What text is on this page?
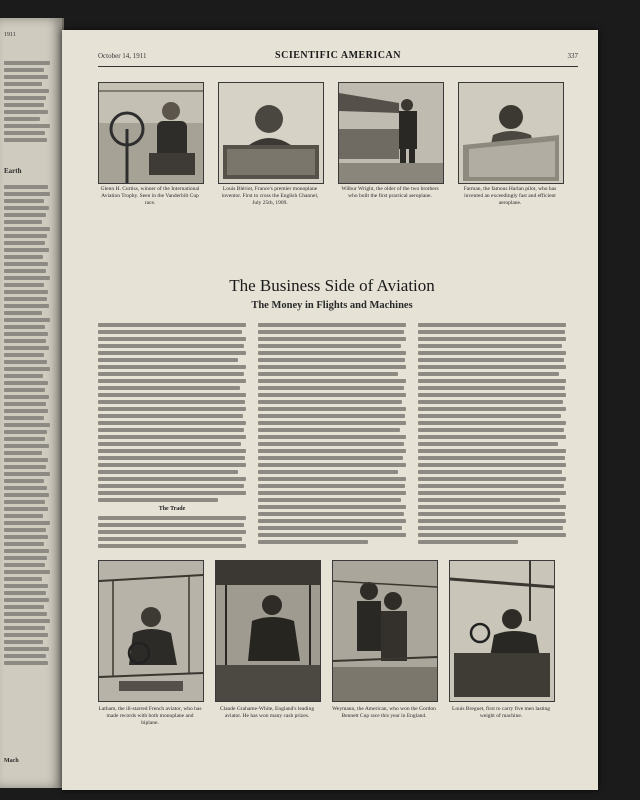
1911
Earth
Mach
October 14, 1911	SCIENTIFIC AMERICAN	337
Glenn H. Curtiss, winner of the International Aviation Trophy. Seen in the Vanderbilt Cup race.
Louis Blériot, France's premier monoplane inventor. First to cross the English Channel, July 25th, 1909.
Wilbur Wright, the older of the two brothers who built the first practical aeroplane.
Farman, the famous Harlan pilot, who has invented an exceedingly fast and efficient aeroplane.
The Business Side of Aviation
The Money in Flights and Machines
The Trade
Latham, the ill-starred French aviator, who has made records with both monoplane and biplane.
Claude Grahame-White, England's leading aviator. He has won many cash prizes.
Weymann, the American, who won the Gordon Bennett Cup race this year in England.
Louis Breguet, first to carry five men lasting weight of machine.
